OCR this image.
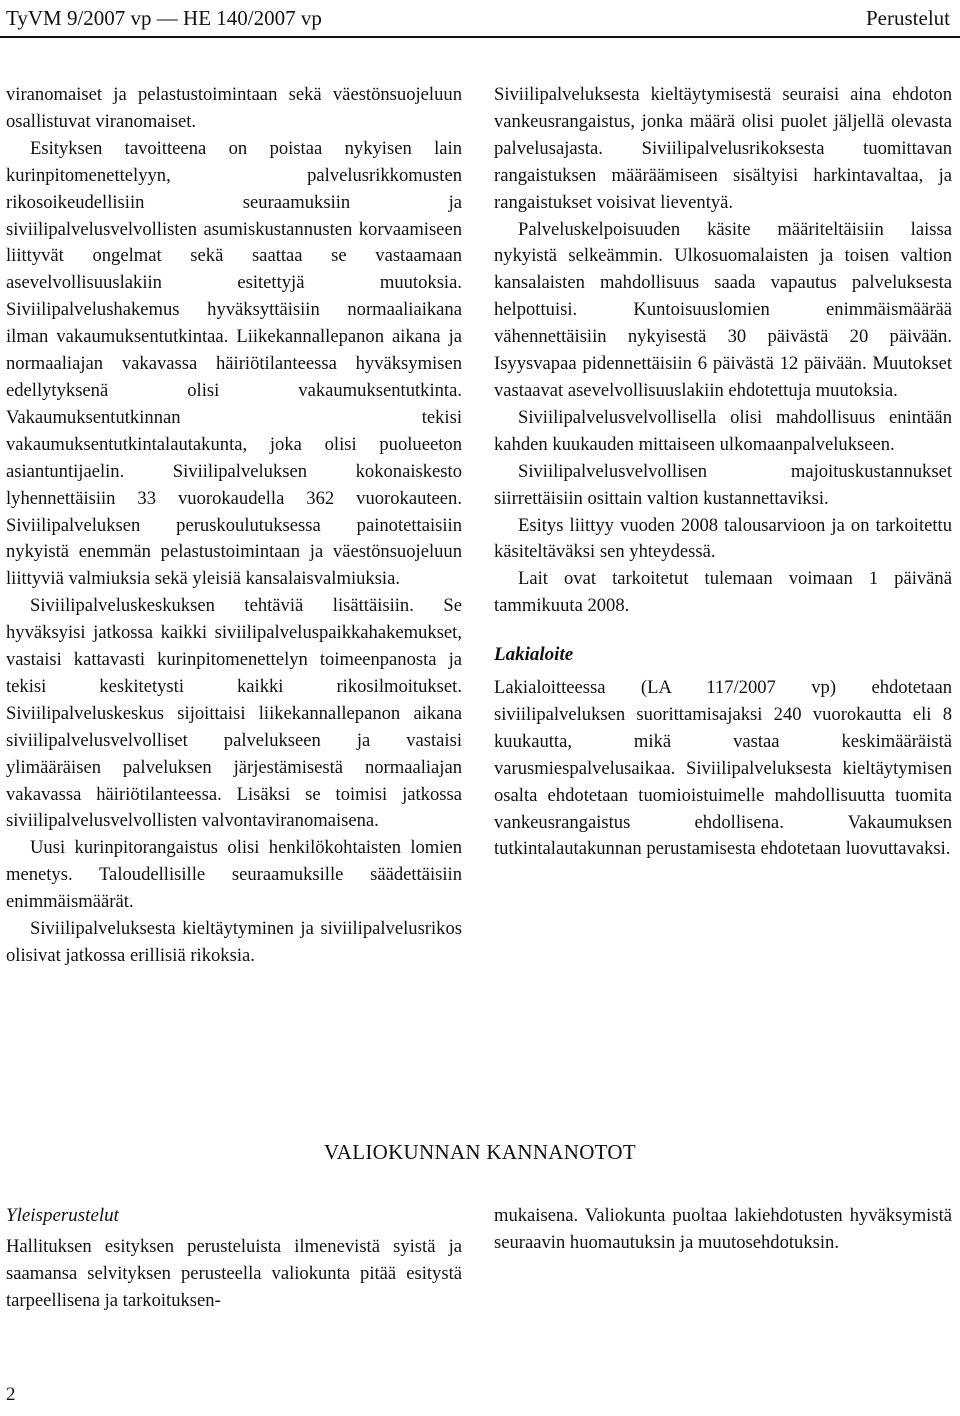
TyVM 9/2007 vp — HE 140/2007 vp	Perustelut

viranomaiset ja pelastustoimintaan sekä väestönsuojeluun osallistuvat viranomaiset.

Esityksen tavoitteena on poistaa nykyisen lain kurinpitomenettelyyn, palvelusrikkomusten rikosoikeudellisiin seuraamuksiin ja siviilipalvelusvelvollisten asumiskustannusten korvaamiseen liittyvät ongelmat sekä saattaa se vastaamaan asevelvollisuuslakiin esitettyjä muutoksia. Siviilipalvelushakemus hyväksyttäisiin normaaliaikana ilman vakaumuksentutkintaa. Liikekannallepanon aikana ja normaaliajan vakavassa häiriötilanteessa hyväksymisen edellytyksenä olisi vakaumuksentutkinta. Vakaumuksentutkinnan tekisi vakaumuksentutkintalautakunta, joka olisi puolueeton asiantuntijaelin. Siviilipalveluksen kokonaiskesto lyhennettäisiin 33 vuorokaudella 362 vuorokauteen. Siviilipalveluksen peruskoulutuksessa painotettaisiin nykyistä enemmän pelastustoimintaan ja väestönsuojeluun liittyviä valmiuksia sekä yleisiä kansalaisvalmiuksia.

Siviilipalveluskeskuksen tehtäviä lisättäisiin. Se hyväksyisi jatkossa kaikki siviilipalveluspaikkahakemukset, vastaisi kattavasti kurinpitomenettelyn toimeenpanosta ja tekisi keskitetysti kaikki rikosilmoitukset. Siviilipalveluskeskus sijoittaisi liikekannallepanon aikana siviilipalvelusvelvolliset palvelukseen ja vastaisi ylimääräisen palveluksen järjestämisestä normaaliajan vakavassa häiriötilanteessa. Lisäksi se toimisi jatkossa siviilipalvelusvelvollisten valvontaviranomaisena.

Uusi kurinpitorangaistus olisi henkilökohtaisten lomien menetys. Taloudellisille seuraamuksille säädettäisiin enimmäismäärät.

Siviilipalveluksesta kieltäytyminen ja siviilipalvelusrikos olisivat jatkossa erillisiä rikoksia.

Siviilipalveluksesta kieltäytymisestä seuraisi aina ehdoton vankeusrangaistus, jonka määrä olisi puolet jäljellä olevasta palvelusajasta. Siviilipalvelusrikoksesta tuomittavan rangaistuksen määräämiseen sisältyisi harkintavaltaa, ja rangaistukset voisivat lieventyä.

Palveluskelpoisuuden käsite määriteltäisiin laissa nykyistä selkeämmin. Ulkosuomalaisten ja toisen valtion kansalaisten mahdollisuus saada vapautus palveluksesta helpottuisi. Kuntoisuuslomien enimmäismäärää vähennettäisiin nykyisestä 30 päivästä 20 päivään. Isyysvapaa pidennettäisiin 6 päivästä 12 päivään. Muutokset vastaavat asevelvollisuuslakiin ehdotettuja muutoksia.

Siviilipalvelusvelvollisella olisi mahdollisuus enintään kahden kuukauden mittaiseen ulkomaanpalvelukseen.

Siviilipalvelusvelvollisen majoituskustannukset siirrettäisiin osittain valtion kustannettaviksi.

Esitys liittyy vuoden 2008 talousarvioon ja on tarkoitettu käsiteltäväksi sen yhteydessä.

Lait ovat tarkoitetut tulemaan voimaan 1 päivänä tammikuuta 2008.

Lakialoite

Lakialoitteessa (LA 117/2007 vp) ehdotetaan siviilipalveluksen suorittamisajaksi 240 vuorokautta eli 8 kuukautta, mikä vastaa keskimääräistä varusmiespalvelusaikaa. Siviilipalveluksesta kieltäytymisen osalta ehdotetaan tuomioistuimelle mahdollisuutta tuomita vankeusrangaistus ehdollisena. Vakaumuksen tutkintalautakunnan perustamisesta ehdotetaan luovuttavaksi.

VALIOKUNNAN KANNANOTOT
Yleisperustelut

Hallituksen esityksen perusteluista ilmenevistä syistä ja saamansa selvityksen perusteella valiokunta pitää esitystä tarpeellisena ja tarkoituksen-

mukaisena. Valiokunta puoltaa lakiehdotusten hyväksymistä seuraavin huomautuksin ja muutosehdotuksin.

2
